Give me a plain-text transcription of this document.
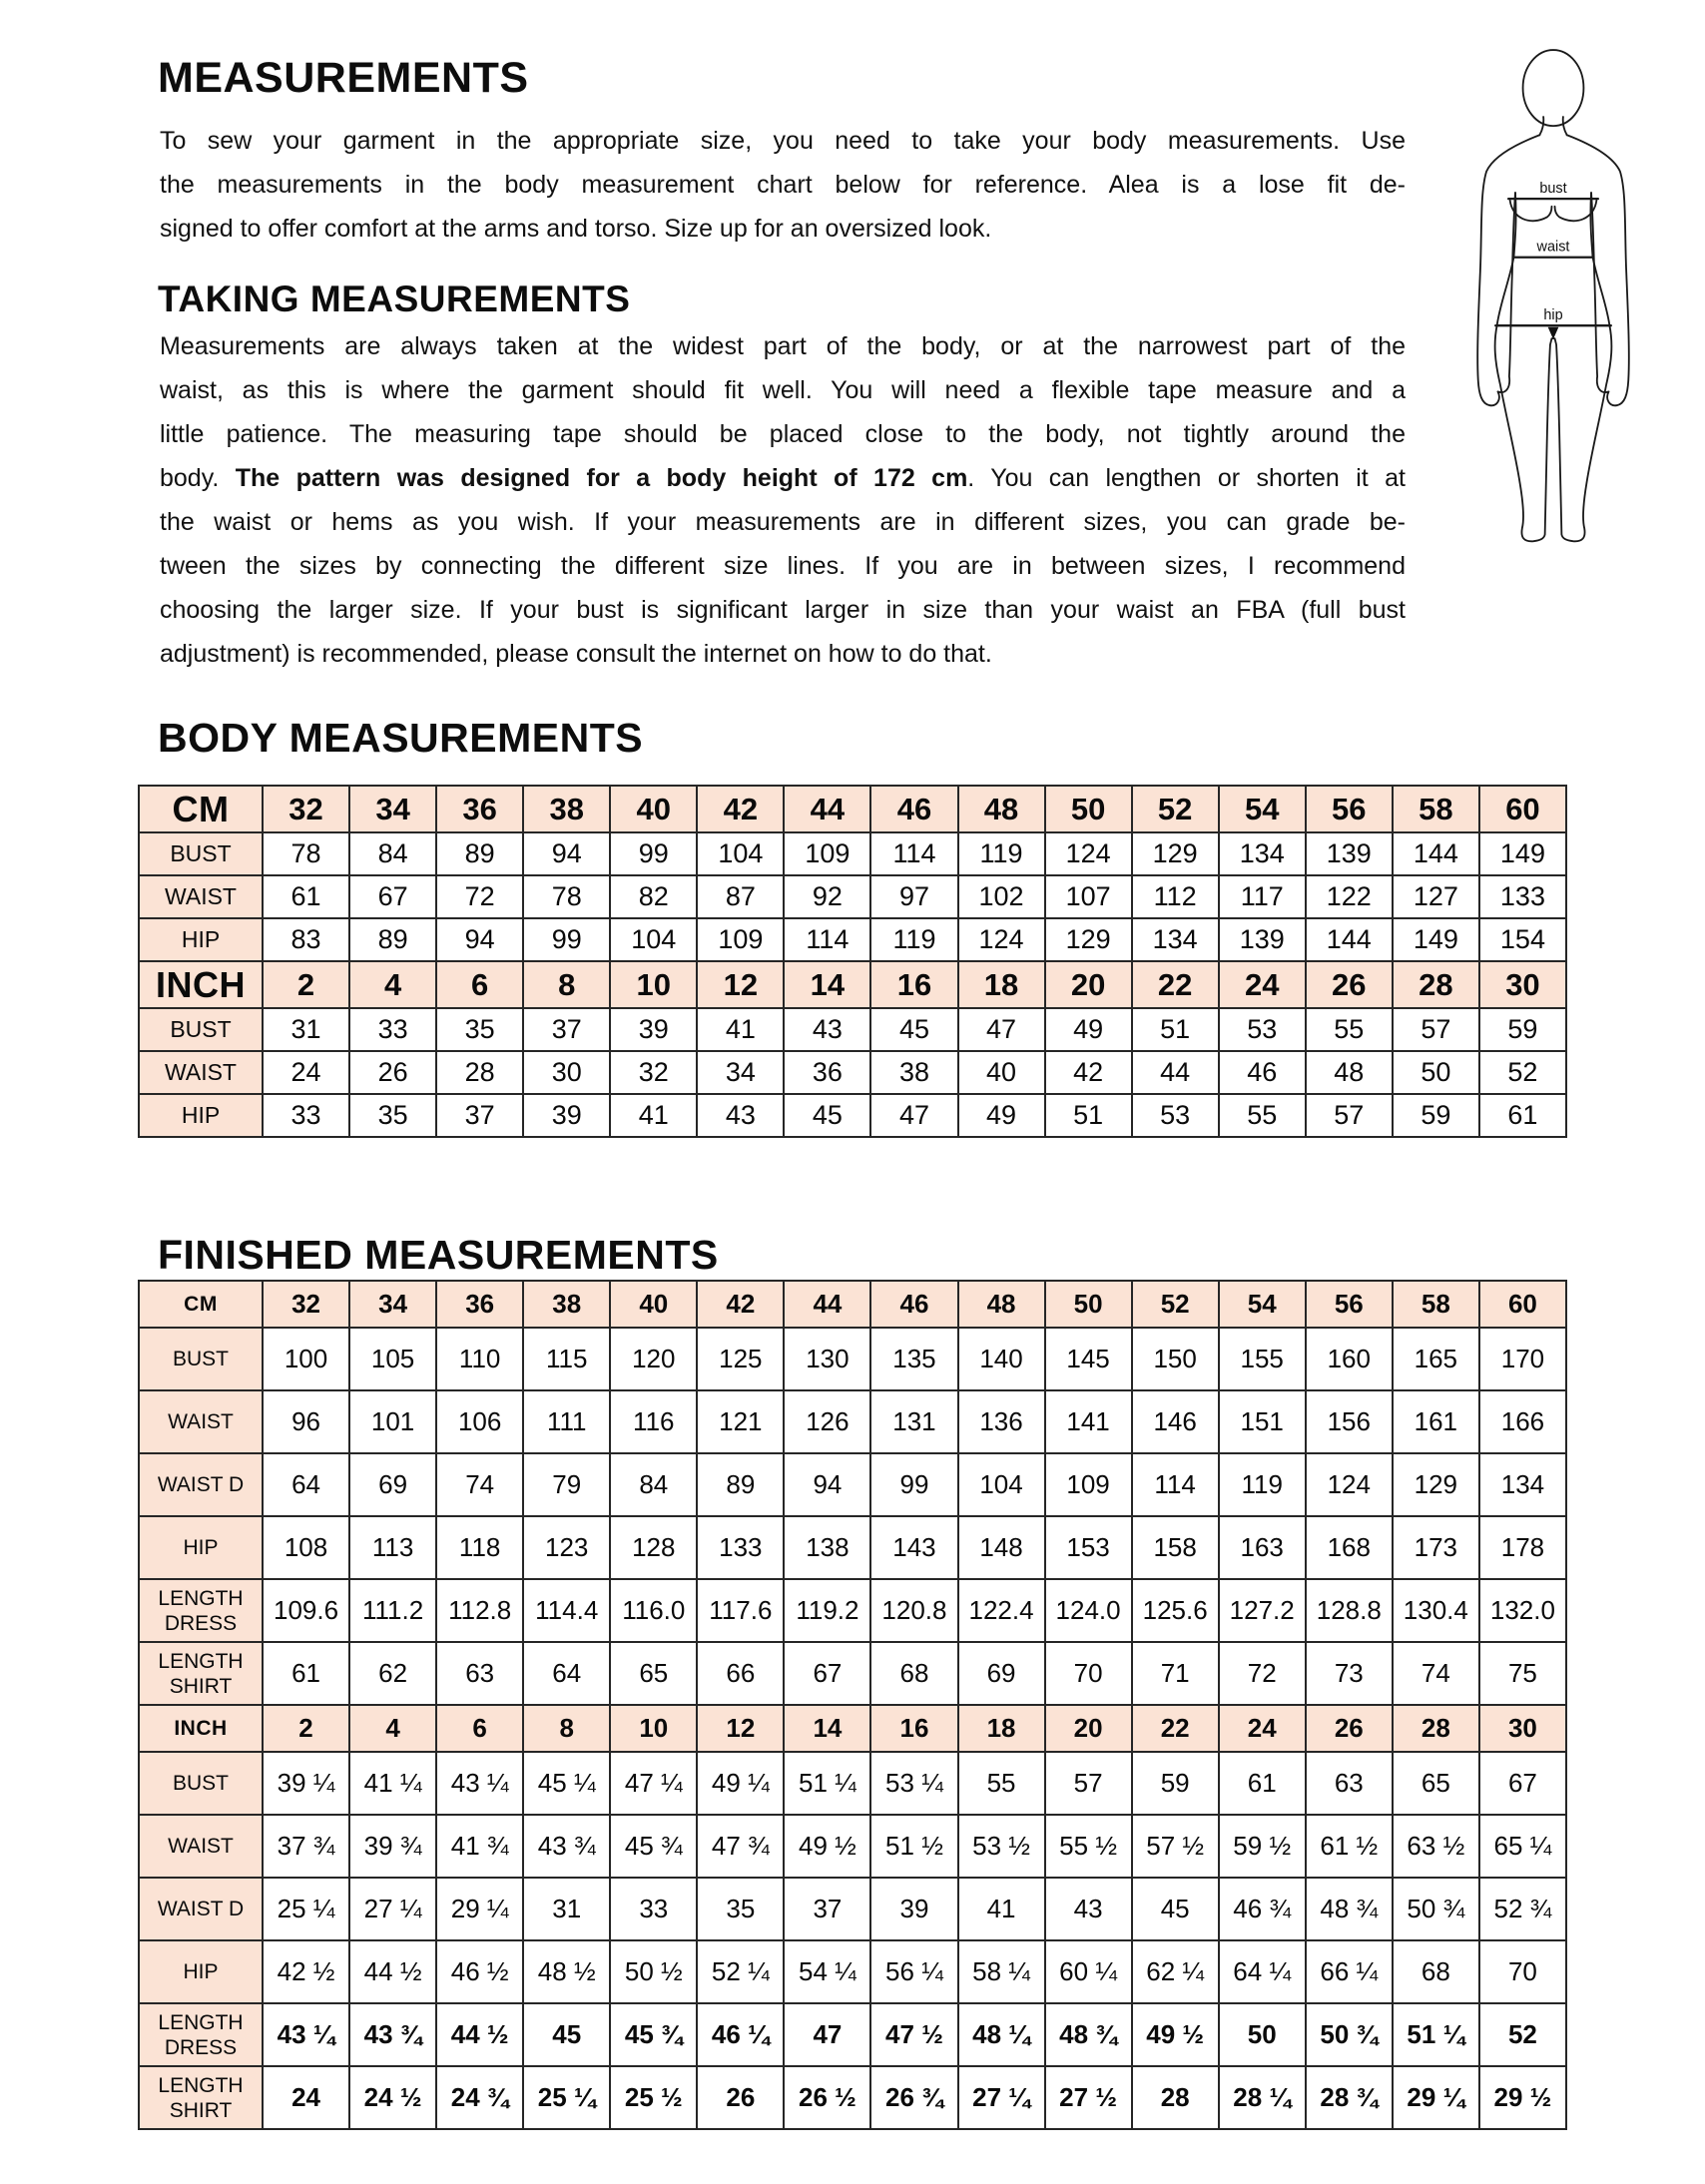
MEASUREMENTS
To sew your garment in the appropriate size, you need to take your body measurements. Use
the measurements in the body measurement chart below for reference. Alea is a lose fit de-
signed to offer comfort at the arms and torso. Size up for an oversized look.
TAKING MEASUREMENTS
Measurements are always taken at the widest part of the body, or at the narrowest part of the
waist, as this is where the garment should fit well. You will need a flexible tape measure and a
little patience. The measuring tape should be placed close to the body, not tightly around the
body. The pattern was designed for a body height of 172 cm. You can lengthen or shorten it at
the waist or hems as you wish. If your measurements are in different sizes, you can grade be-
tween the sizes by connecting the different size lines. If you are in between sizes, I recommend
choosing the larger size. If your bust is significant larger in size than your waist an FBA (full bust
adjustment) is recommended, please consult the internet on how to do that.
bust
waist
hip
BODY MEASUREMENTS
CM	32	34	36	38	40	42	44	46	48	50	52	54	56	58	60
BUST	78	84	89	94	99	104	109	114	119	124	129	134	139	144	149
WAIST	61	67	72	78	82	87	92	97	102	107	112	117	122	127	133
HIP	83	89	94	99	104	109	114	119	124	129	134	139	144	149	154
INCH	2	4	6	8	10	12	14	16	18	20	22	24	26	28	30
BUST	31	33	35	37	39	41	43	45	47	49	51	53	55	57	59
WAIST	24	26	28	30	32	34	36	38	40	42	44	46	48	50	52
HIP	33	35	37	39	41	43	45	47	49	51	53	55	57	59	61
FINISHED MEASUREMENTS
CM	32	34	36	38	40	42	44	46	48	50	52	54	56	58	60
BUST	100	105	110	115	120	125	130	135	140	145	150	155	160	165	170
WAIST	96	101	106	111	116	121	126	131	136	141	146	151	156	161	166
WAIST D	64	69	74	79	84	89	94	99	104	109	114	119	124	129	134
HIP	108	113	118	123	128	133	138	143	148	153	158	163	168	173	178
LENGTH DRESS	109.6	111.2	112.8	114.4	116.0	117.6	119.2	120.8	122.4	124.0	125.6	127.2	128.8	130.4	132.0
LENGTH SHIRT	61	62	63	64	65	66	67	68	69	70	71	72	73	74	75
INCH	2	4	6	8	10	12	14	16	18	20	22	24	26	28	30
BUST	39 ¼	41 ¼	43 ¼	45 ¼	47 ¼	49 ¼	51 ¼	53 ¼	55	57	59	61	63	65	67
WAIST	37 ¾	39 ¾	41 ¾	43 ¾	45 ¾	47 ¾	49 ½	51 ½	53 ½	55 ½	57 ½	59 ½	61 ½	63 ½	65 ¼
WAIST D	25 ¼	27 ¼	29 ¼	31	33	35	37	39	41	43	45	46 ¾	48 ¾	50 ¾	52 ¾
HIP	42 ½	44 ½	46 ½	48 ½	50 ½	52 ¼	54 ¼	56 ¼	58 ¼	60 ¼	62 ¼	64 ¼	66 ¼	68	70
LENGTH DRESS	43 ¼	43 ¾	44 ½	45	45 ¾	46 ¼	47	47 ½	48 ¼	48 ¾	49 ½	50	50 ¾	51 ¼	52
LENGTH SHIRT	24	24 ½	24 ¾	25 ¼	25 ½	26	26 ½	26 ¾	27 ¼	27 ½	28	28 ¼	28 ¾	29 ¼	29 ½
